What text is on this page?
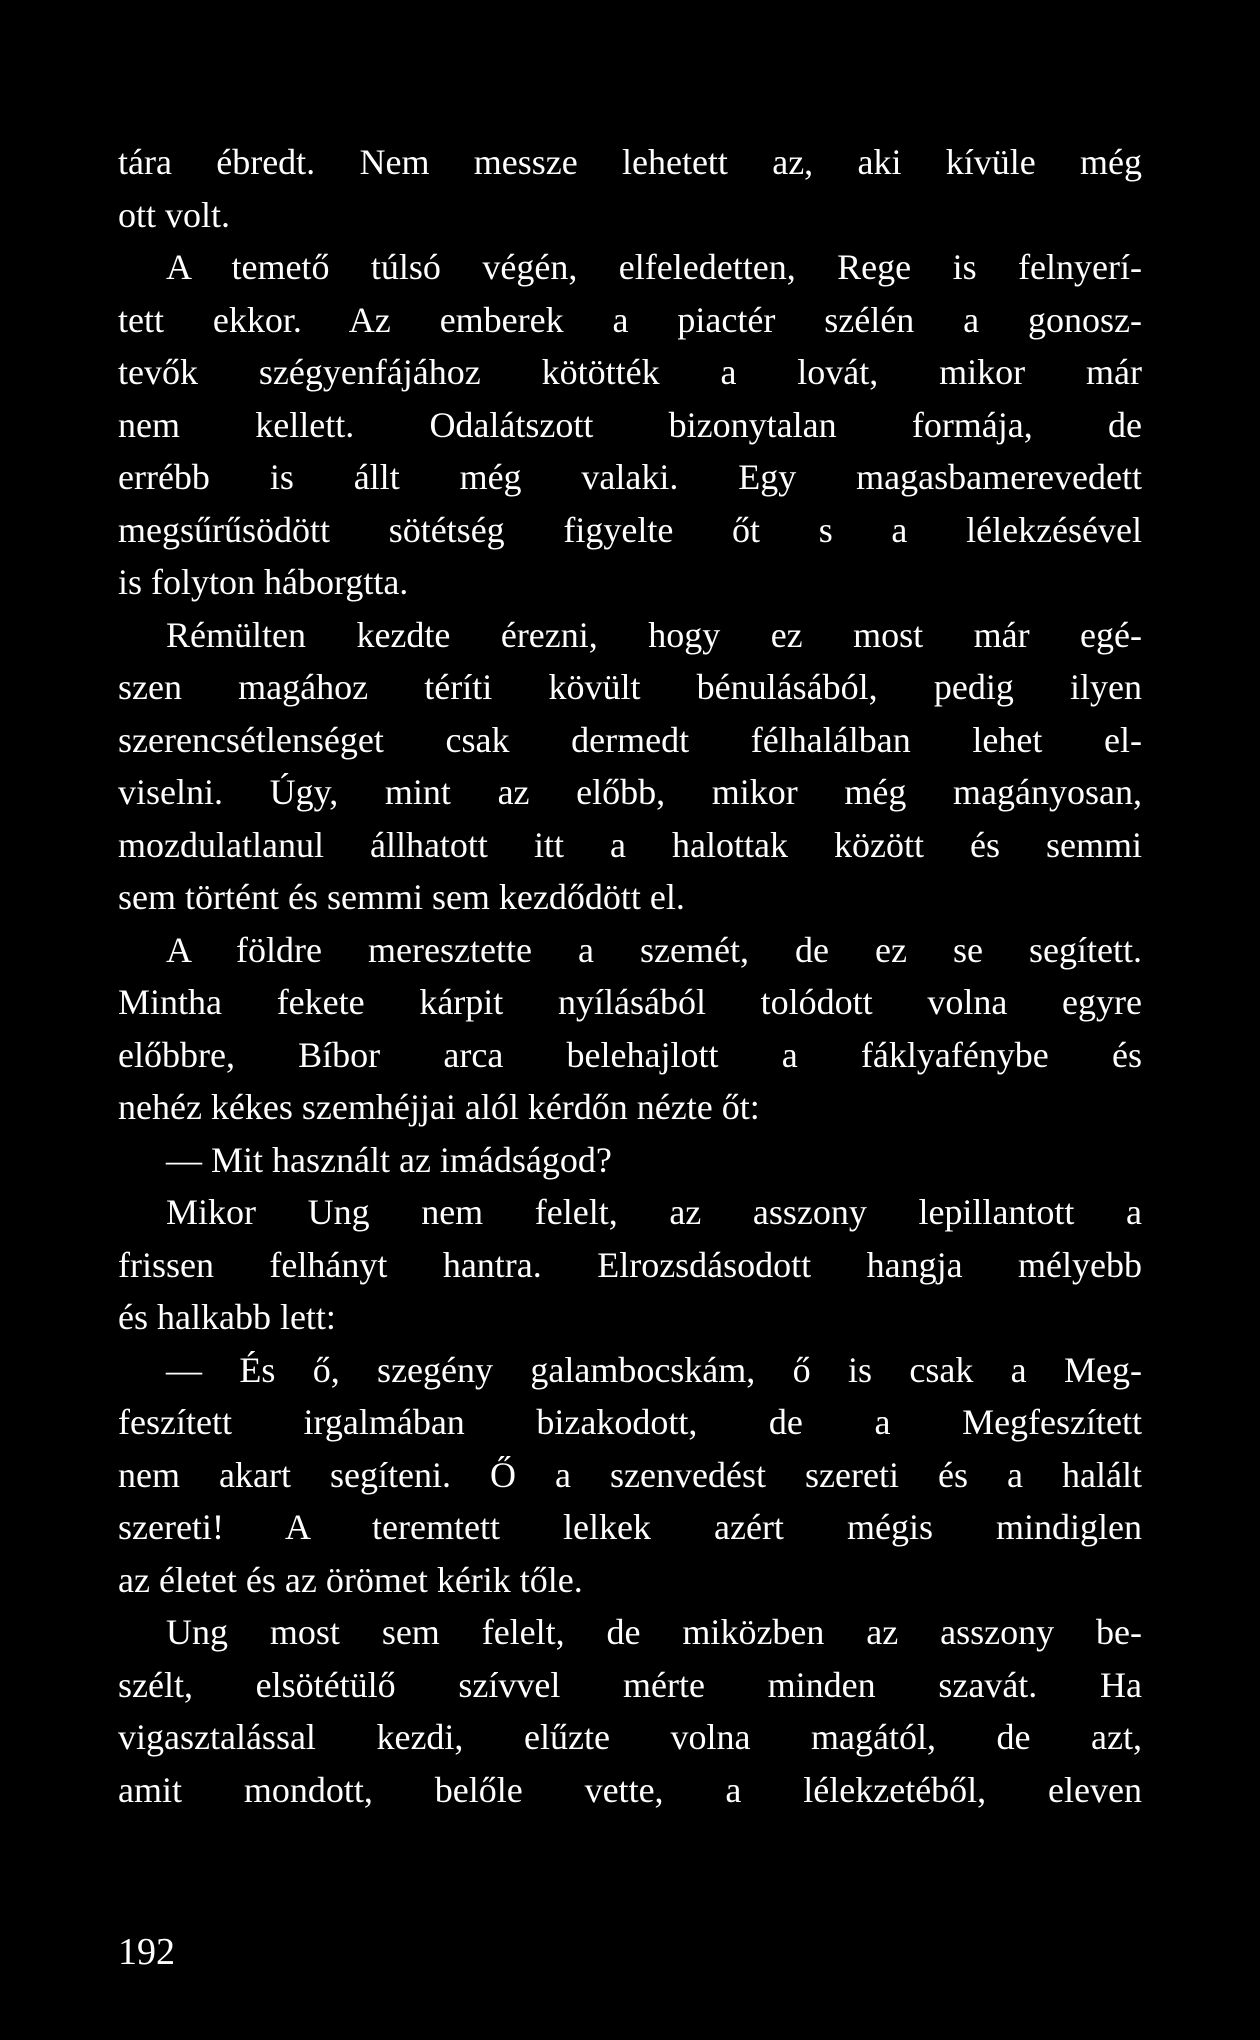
tára ébredt. Nem messze lehetett az, aki kívüle még
ott volt.
A temető túlsó végén, elfeledetten, Rege is felnyerí-
tett ekkor. Az emberek a piactér szélén a gonosz-
tevők szégyenfájához kötötték a lovát, mikor már
nem kellett. Odalátszott bizonytalan formája, de
errébb is állt még valaki. Egy magasbamerevedett
megsűrűsödött sötétség figyelte őt s a lélekzésével
is folyton háborgtta.
Rémülten kezdte érezni, hogy ez most már egé-
szen magához téríti kövült bénulásából, pedig ilyen
szerencsétlenséget csak dermedt félhalálban lehet el-
viselni. Úgy, mint az előbb, mikor még magányosan,
mozdulatlanul állhatott itt a halottak között és semmi
sem történt és semmi sem kezdődött el.
A földre meresztette a szemét, de ez se segített.
Mintha fekete kárpit nyílásából tolódott volna egyre
előbbre, Bíbor arca belehajlott a fáklyafénybe és
nehéz kékes szemhéjjai alól kérdőn nézte őt:
— Mit használt az imádságod?
Mikor Ung nem felelt, az asszony lepillantott a
frissen felhányt hantra. Elrozsdásodott hangja mélyebb
és halkabb lett:
— És ő, szegény galambocskám, ő is csak a Meg-
feszített irgalmában bizakodott, de a Megfeszített
nem akart segíteni. Ő a szenvedést szereti és a halált
szereti! A teremtett lelkek azért mégis mindiglen
az életet és az örömet kérik tőle.
Ung most sem felelt, de miközben az asszony be-
szélt, elsötétülő szívvel mérte minden szavát. Ha
vigasztalással kezdi, elűzte volna magától, de azt,
amit mondott, belőle vette, a lélekzetéből, eleven
192
